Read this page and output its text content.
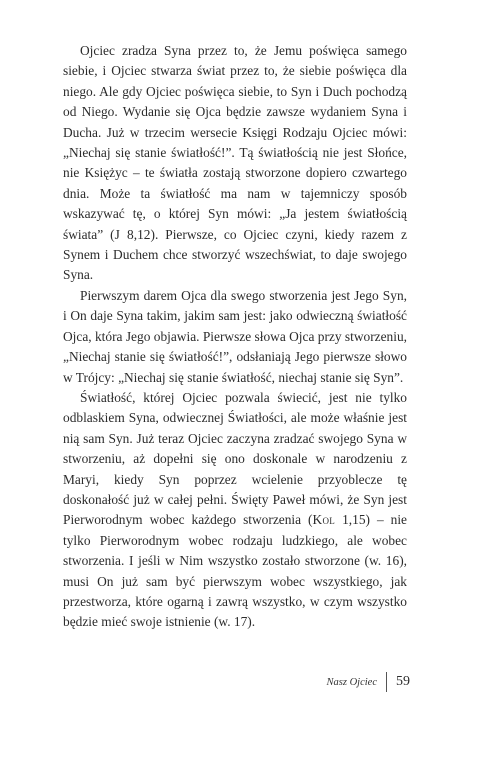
Ojciec zradza Syna przez to, że Jemu poświęca samego siebie, i Ojciec stwarza świat przez to, że siebie poświęca dla niego. Ale gdy Ojciec poświęca siebie, to Syn i Duch pochodzą od Niego. Wydanie się Ojca będzie zawsze wydaniem Syna i Ducha. Już w trzecim wersecie Księgi Rodzaju Ojciec mówi: „Niechaj się stanie światłość!”. Tą światłością nie jest Słońce, nie Księżyc – te światła zostają stworzone dopiero czwartego dnia. Może ta światłość ma nam w tajemniczy sposób wskazywać tę, o której Syn mówi: „Ja jestem światłością świata” (J 8,12). Pierwsze, co Ojciec czyni, kiedy razem z Synem i Duchem chce stworzyć wszechświat, to daje swojego Syna.

Pierwszym darem Ojca dla swego stworzenia jest Jego Syn, i On daje Syna takim, jakim sam jest: jako odwieczną światłość Ojca, która Jego objawia. Pierwsze słowa Ojca przy stworzeniu, „Niechaj stanie się światłość!”, odsłaniają Jego pierwsze słowo w Trójcy: „Niechaj się stanie światłość, niechaj stanie się Syn”.

Światłość, której Ojciec pozwala świecić, jest nie tylko odblaskiem Syna, odwiecznej Światłości, ale może właśnie jest nią sam Syn. Już teraz Ojciec zaczyna zradzać swojego Syna w stworzeniu, aż dopełni się ono doskonale w narodzeniu z Maryi, kiedy Syn poprzez wcielenie przyobleczе tę doskonałość już w całej pełni. Święty Paweł mówi, że Syn jest Pierworodnym wobec każdego stworzenia (Kol 1,15) – nie tylko Pierworodnym wobec rodzaju ludzkiego, ale wobec stworzenia. I jeśli w Nim wszystko zostało stworzone (w. 16), musi On już sam być pierwszym wobec wszystkiego, jak przestworza, które ogarną i zawrą wszystko, w czym wszystko będzie mieć swoje istnienie (w. 17).

Nasz Ojciec 59
